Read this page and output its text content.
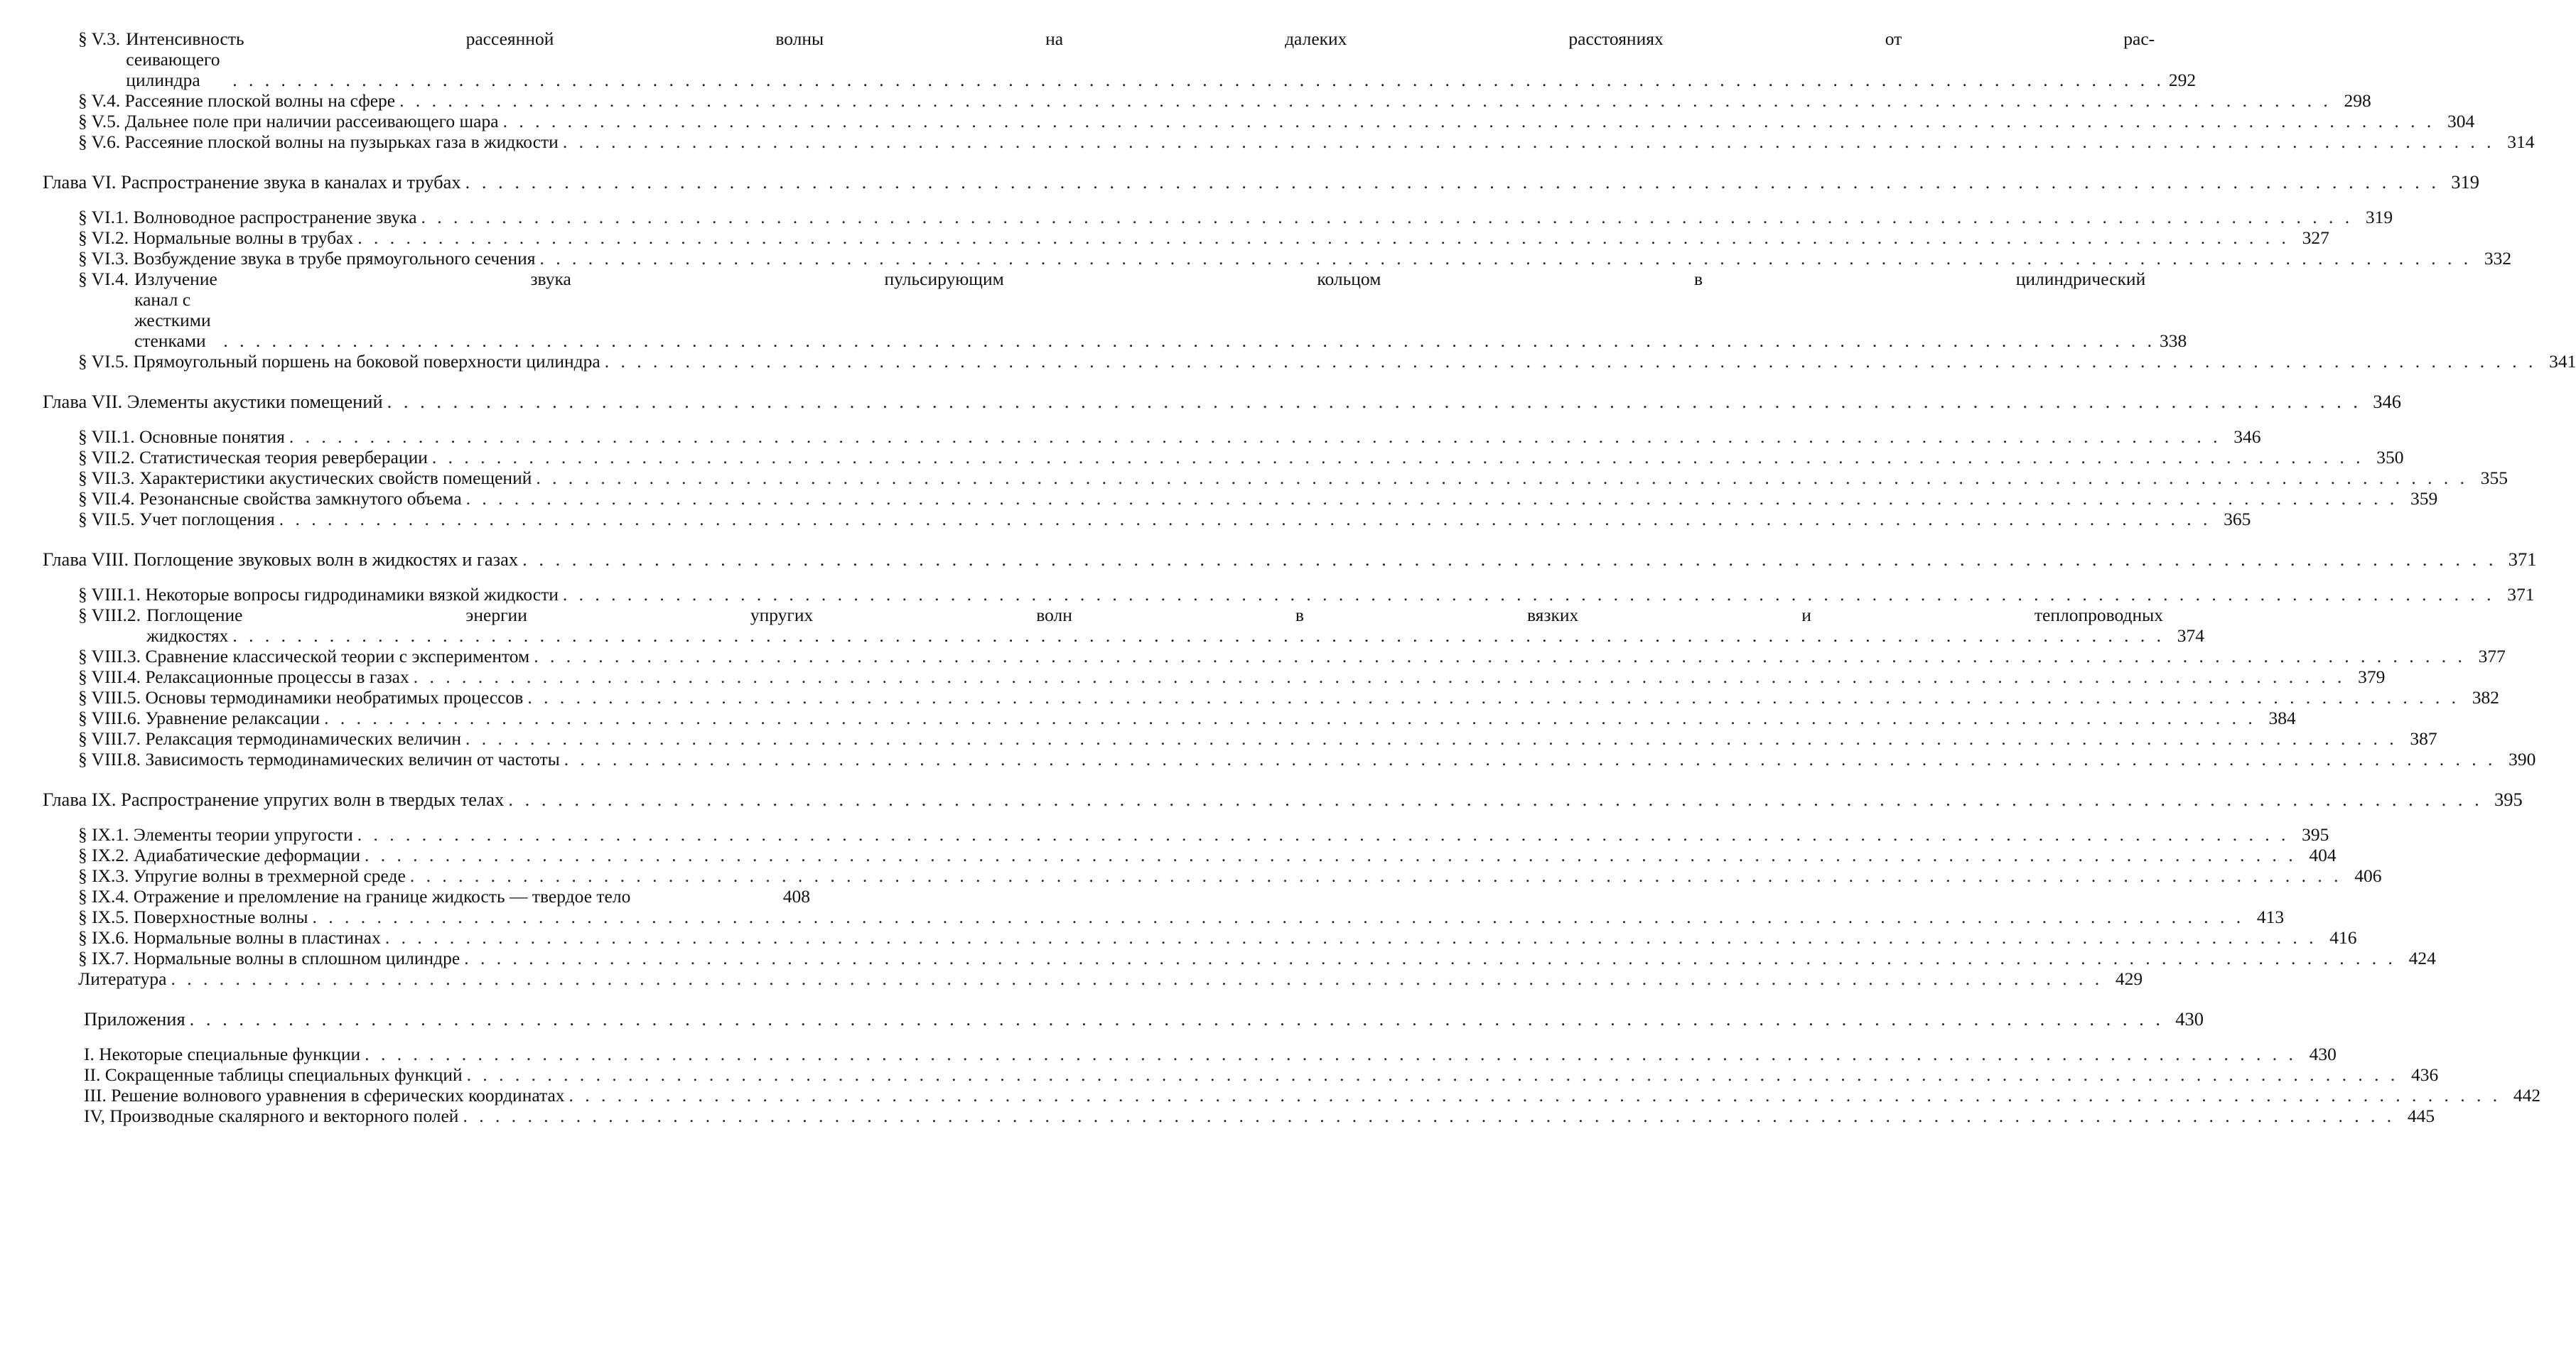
§ V.3. Интенсивность рассеянной волны на далеких расстояниях от рас-
сеивающего цилиндра	. . . . . . . . . . . . . . . . . . . . . . . . . . . . . . . . . . . . . . . . . . . . . . . . . . . . . . . . . . . . . . . . . . . . . . . . . . . . . . . . . . . . . . . . . . . . . . . . . . . . . . . . . . . . . . . . . . . . . . . . 292
§ V.4. Рассеяние плоской волны на сфере . . . . . . . . . . . . . . . . . . . . . . . . . . . . . . . . . . . . . . . . . . . . . . . . . . . . . . . . . . . . . . . . . . . . . . . . . . . . . . . . . . . . . . . . . . . . . . . . . . . . . . . . . . . . . . . . . . . . . . . . 298
§ V.5. Дальнее поле при наличии рассеивающего шара . . . . . . . . . . . . . . . . . . . . . . . . . . . . . . . . . . . . . . . . . . . . . . . . . . . . . . . . . . . . . . . . . . . . . . . . . . . . . . . . . . . . . . . . . . . . . . . . . . . . . . . . . . . . . . . . . . . . . . . . 304
§ V.6. Рассеяние плоской волны на пузырьках газа в жидкости . . . . . . . . . . . . . . . . . . . . . . . . . . . . . . . . . . . . . . . . . . . . . . . . . . . . . . . . . . . . . . . . . . . . . . . . . . . . . . . . . . . . . . . . . . . . . . . . . . . . . . . . . . . . . . . . . . . . . . . . 314
Глава VI. Распространение звука в каналах и трубах . . . . . . . . . . . . . . . . . . . . . . . . . . . . . . . . . . . . . . . . . . . . . . . . . . . . . . . . . . . . . . . . . . . . . . . . . . . . . . . . . . . . . . . . . . . . . . . . . . . . . . . . . . . . . . . . . . . . . . . . 319
§ VI.1. Волноводное распространение звука . . . . . . . . . . . . . . . . . . . . . . . . . . . . . . . . . . . . . . . . . . . . . . . . . . . . . . . . . . . . . . . . . . . . . . . . . . . . . . . . . . . . . . . . . . . . . . . . . . . . . . . . . . . . . . . . . . . . . . . . 319
§ VI.2. Нормальные волны в трубах . . . . . . . . . . . . . . . . . . . . . . . . . . . . . . . . . . . . . . . . . . . . . . . . . . . . . . . . . . . . . . . . . . . . . . . . . . . . . . . . . . . . . . . . . . . . . . . . . . . . . . . . . . . . . . . . . . . . . . . . 327
§ VI.3. Возбуждение звука в трубе прямоугольного сечения . . . . . . . . . . . . . . . . . . . . . . . . . . . . . . . . . . . . . . . . . . . . . . . . . . . . . . . . . . . . . . . . . . . . . . . . . . . . . . . . . . . . . . . . . . . . . . . . . . . . . . . . . . . . . . . . . . . . . . . . 332
§ VI.4. Излучение звука пульсирующим кольцом в цилиндрический
канал с жесткими стенками . . . . . . . . . . . . . . . . . . . . . . . . . . . . . . . . . . . . . . . . . . . . . . . . . . . . . . . . . . . . . . . . . . . . . . . . . . . . . . . . . . . . . . . . . . . . . . . . . . . . . . . . . . . . . . . . . . . . . . . . 338
§ VI.5. Прямоугольный поршень на боковой поверхности цилиндра . . . . . . . . . . . . . . . . . . . . . . . . . . . . . . . . . . . . . . . . . . . . . . . . . . . . . . . . . . . . . . . . . . . . . . . . . . . . . . . . . . . . . . . . . . . . . . . . . . . . . . . . . . . . . . . . . . . . . . . . 341
Глава VII. Элементы акустики помещений . . . . . . . . . . . . . . . . . . . . . . . . . . . . . . . . . . . . . . . . . . . . . . . . . . . . . . . . . . . . . . . . . . . . . . . . . . . . . . . . . . . . . . . . . . . . . . . . . . . . . . . . . . . . . . . . . . . . . . . . 346
§ VII.1. Основные понятия . . . . . . . . . . . . . . . . . . . . . . . . . . . . . . . . . . . . . . . . . . . . . . . . . . . . . . . . . . . . . . . . . . . . . . . . . . . . . . . . . . . . . . . . . . . . . . . . . . . . . . . . . . . . . . . . . . . . . . . . 346
§ VII.2. Статистическая теория реверберации . . . . . . . . . . . . . . . . . . . . . . . . . . . . . . . . . . . . . . . . . . . . . . . . . . . . . . . . . . . . . . . . . . . . . . . . . . . . . . . . . . . . . . . . . . . . . . . . . . . . . . . . . . . . . . . . . . . . . . . . 350
§ VII.3. Характеристики акустических свойств помещений . . . . . . . . . . . . . . . . . . . . . . . . . . . . . . . . . . . . . . . . . . . . . . . . . . . . . . . . . . . . . . . . . . . . . . . . . . . . . . . . . . . . . . . . . . . . . . . . . . . . . . . . . . . . . . . . . . . . . . . . 355
§ VII.4. Резонансные свойства замкнутого объема . . . . . . . . . . . . . . . . . . . . . . . . . . . . . . . . . . . . . . . . . . . . . . . . . . . . . . . . . . . . . . . . . . . . . . . . . . . . . . . . . . . . . . . . . . . . . . . . . . . . . . . . . . . . . . . . . . . . . . . . 359
§ VII.5. Учет поглощения . . . . . . . . . . . . . . . . . . . . . . . . . . . . . . . . . . . . . . . . . . . . . . . . . . . . . . . . . . . . . . . . . . . . . . . . . . . . . . . . . . . . . . . . . . . . . . . . . . . . . . . . . . . . . . . . . . . . . . . . 365
Глава VIII. Поглощение звуковых волн в жидкостях и газах . . . . . . . . . . . . . . . . . . . . . . . . . . . . . . . . . . . . . . . . . . . . . . . . . . . . . . . . . . . . . . . . . . . . . . . . . . . . . . . . . . . . . . . . . . . . . . . . . . . . . . . . . . . . . . . . . . . . . . . . 371
§ VIII.1. Некоторые вопросы гидродинамики вязкой жидкости . . . . . . . . . . . . . . . . . . . . . . . . . . . . . . . . . . . . . . . . . . . . . . . . . . . . . . . . . . . . . . . . . . . . . . . . . . . . . . . . . . . . . . . . . . . . . . . . . . . . . . . . . . . . . . . . . . . . . . . . 371
§ VIII.2. Поглощение энергии упругих волн в вязких и теплопроводных
жидкостях . . . . . . . . . . . . . . . . . . . . . . . . . . . . . . . . . . . . . . . . . . . . . . . . . . . . . . . . . . . . . . . . . . . . . . . . . . . . . . . . . . . . . . . . . . . . . . . . . . . . . . . . . . . . . . . . . . . . . . . . 374
§ VIII.3. Сравнение классической теории с экспериментом . . . . . . . . . . . . . . . . . . . . . . . . . . . . . . . . . . . . . . . . . . . . . . . . . . . . . . . . . . . . . . . . . . . . . . . . . . . . . . . . . . . . . . . . . . . . . . . . . . . . . . . . . . . . . . . . . . . . . . . . 377
§ VIII.4. Релаксационные процессы в газах . . . . . . . . . . . . . . . . . . . . . . . . . . . . . . . . . . . . . . . . . . . . . . . . . . . . . . . . . . . . . . . . . . . . . . . . . . . . . . . . . . . . . . . . . . . . . . . . . . . . . . . . . . . . . . . . . . . . . . . . 379
§ VIII.5. Основы термодинамики необратимых процессов . . . . . . . . . . . . . . . . . . . . . . . . . . . . . . . . . . . . . . . . . . . . . . . . . . . . . . . . . . . . . . . . . . . . . . . . . . . . . . . . . . . . . . . . . . . . . . . . . . . . . . . . . . . . . . . . . . . . . . . . 382
§ VIII.6. Уравнение релаксации . . . . . . . . . . . . . . . . . . . . . . . . . . . . . . . . . . . . . . . . . . . . . . . . . . . . . . . . . . . . . . . . . . . . . . . . . . . . . . . . . . . . . . . . . . . . . . . . . . . . . . . . . . . . . . . . . . . . . . . . 384
§ VIII.7. Релаксация термодинамических величин . . . . . . . . . . . . . . . . . . . . . . . . . . . . . . . . . . . . . . . . . . . . . . . . . . . . . . . . . . . . . . . . . . . . . . . . . . . . . . . . . . . . . . . . . . . . . . . . . . . . . . . . . . . . . . . . . . . . . . . . 387
§ VIII.8. Зависимость термодинамических величин от частоты . . . . . . . . . . . . . . . . . . . . . . . . . . . . . . . . . . . . . . . . . . . . . . . . . . . . . . . . . . . . . . . . . . . . . . . . . . . . . . . . . . . . . . . . . . . . . . . . . . . . . . . . . . . . . . . . . . . . . . . . 390
Глава IX. Распространение упругих волн в твердых телах . . . . . . . . . . . . . . . . . . . . . . . . . . . . . . . . . . . . . . . . . . . . . . . . . . . . . . . . . . . . . . . . . . . . . . . . . . . . . . . . . . . . . . . . . . . . . . . . . . . . . . . . . . . . . . . . . . . . . . . . 395
§ IX.1. Элементы теории упругости . . . . . . . . . . . . . . . . . . . . . . . . . . . . . . . . . . . . . . . . . . . . . . . . . . . . . . . . . . . . . . . . . . . . . . . . . . . . . . . . . . . . . . . . . . . . . . . . . . . . . . . . . . . . . . . . . . . . . . . . 395
§ IX.2. Адиабатические деформации . . . . . . . . . . . . . . . . . . . . . . . . . . . . . . . . . . . . . . . . . . . . . . . . . . . . . . . . . . . . . . . . . . . . . . . . . . . . . . . . . . . . . . . . . . . . . . . . . . . . . . . . . . . . . . . . . . . . . . . . 404
§ IX.3. Упругие волны в трехмерной среде . . . . . . . . . . . . . . . . . . . . . . . . . . . . . . . . . . . . . . . . . . . . . . . . . . . . . . . . . . . . . . . . . . . . . . . . . . . . . . . . . . . . . . . . . . . . . . . . . . . . . . . . . . . . . . . . . . . . . . . . 406
§ IX.4. Отражение и преломление на границе жидкость — твердое тело	408
§ IX.5. Поверхностные волны . . . . . . . . . . . . . . . . . . . . . . . . . . . . . . . . . . . . . . . . . . . . . . . . . . . . . . . . . . . . . . . . . . . . . . . . . . . . . . . . . . . . . . . . . . . . . . . . . . . . . . . . . . . . . . . . . . . . . . . . 413
§ IX.6. Нормальные волны в пластинах . . . . . . . . . . . . . . . . . . . . . . . . . . . . . . . . . . . . . . . . . . . . . . . . . . . . . . . . . . . . . . . . . . . . . . . . . . . . . . . . . . . . . . . . . . . . . . . . . . . . . . . . . . . . . . . . . . . . . . . . 416
§ IX.7. Нормальные волны в сплошном цилиндре . . . . . . . . . . . . . . . . . . . . . . . . . . . . . . . . . . . . . . . . . . . . . . . . . . . . . . . . . . . . . . . . . . . . . . . . . . . . . . . . . . . . . . . . . . . . . . . . . . . . . . . . . . . . . . . . . . . . . . . . 424
Литература . . . . . . . . . . . . . . . . . . . . . . . . . . . . . . . . . . . . . . . . . . . . . . . . . . . . . . . . . . . . . . . . . . . . . . . . . . . . . . . . . . . . . . . . . . . . . . . . . . . . . . . . . . . . . . . . . . . . . . . . 429
Приложения . . . . . . . . . . . . . . . . . . . . . . . . . . . . . . . . . . . . . . . . . . . . . . . . . . . . . . . . . . . . . . . . . . . . . . . . . . . . . . . . . . . . . . . . . . . . . . . . . . . . . . . . . . . . . . . . . . . . . . . . 430
I. Некоторые специальные функции . . . . . . . . . . . . . . . . . . . . . . . . . . . . . . . . . . . . . . . . . . . . . . . . . . . . . . . . . . . . . . . . . . . . . . . . . . . . . . . . . . . . . . . . . . . . . . . . . . . . . . . . . . . . . . . . . . . . . . . . 430
II. Сокращенные таблицы специальных функций . . . . . . . . . . . . . . . . . . . . . . . . . . . . . . . . . . . . . . . . . . . . . . . . . . . . . . . . . . . . . . . . . . . . . . . . . . . . . . . . . . . . . . . . . . . . . . . . . . . . . . . . . . . . . . . . . . . . . . . . 436
III. Решение волнового уравнения в сферических координатах . . . . . . . . . . . . . . . . . . . . . . . . . . . . . . . . . . . . . . . . . . . . . . . . . . . . . . . . . . . . . . . . . . . . . . . . . . . . . . . . . . . . . . . . . . . . . . . . . . . . . . . . . . . . . . . . . . . . . . . . 442
IV, Производные скалярного и векторного полей . . . . . . . . . . . . . . . . . . . . . . . . . . . . . . . . . . . . . . . . . . . . . . . . . . . . . . . . . . . . . . . . . . . . . . . . . . . . . . . . . . . . . . . . . . . . . . . . . . . . . . . . . . . . . . . . . . . . . . . . 445
